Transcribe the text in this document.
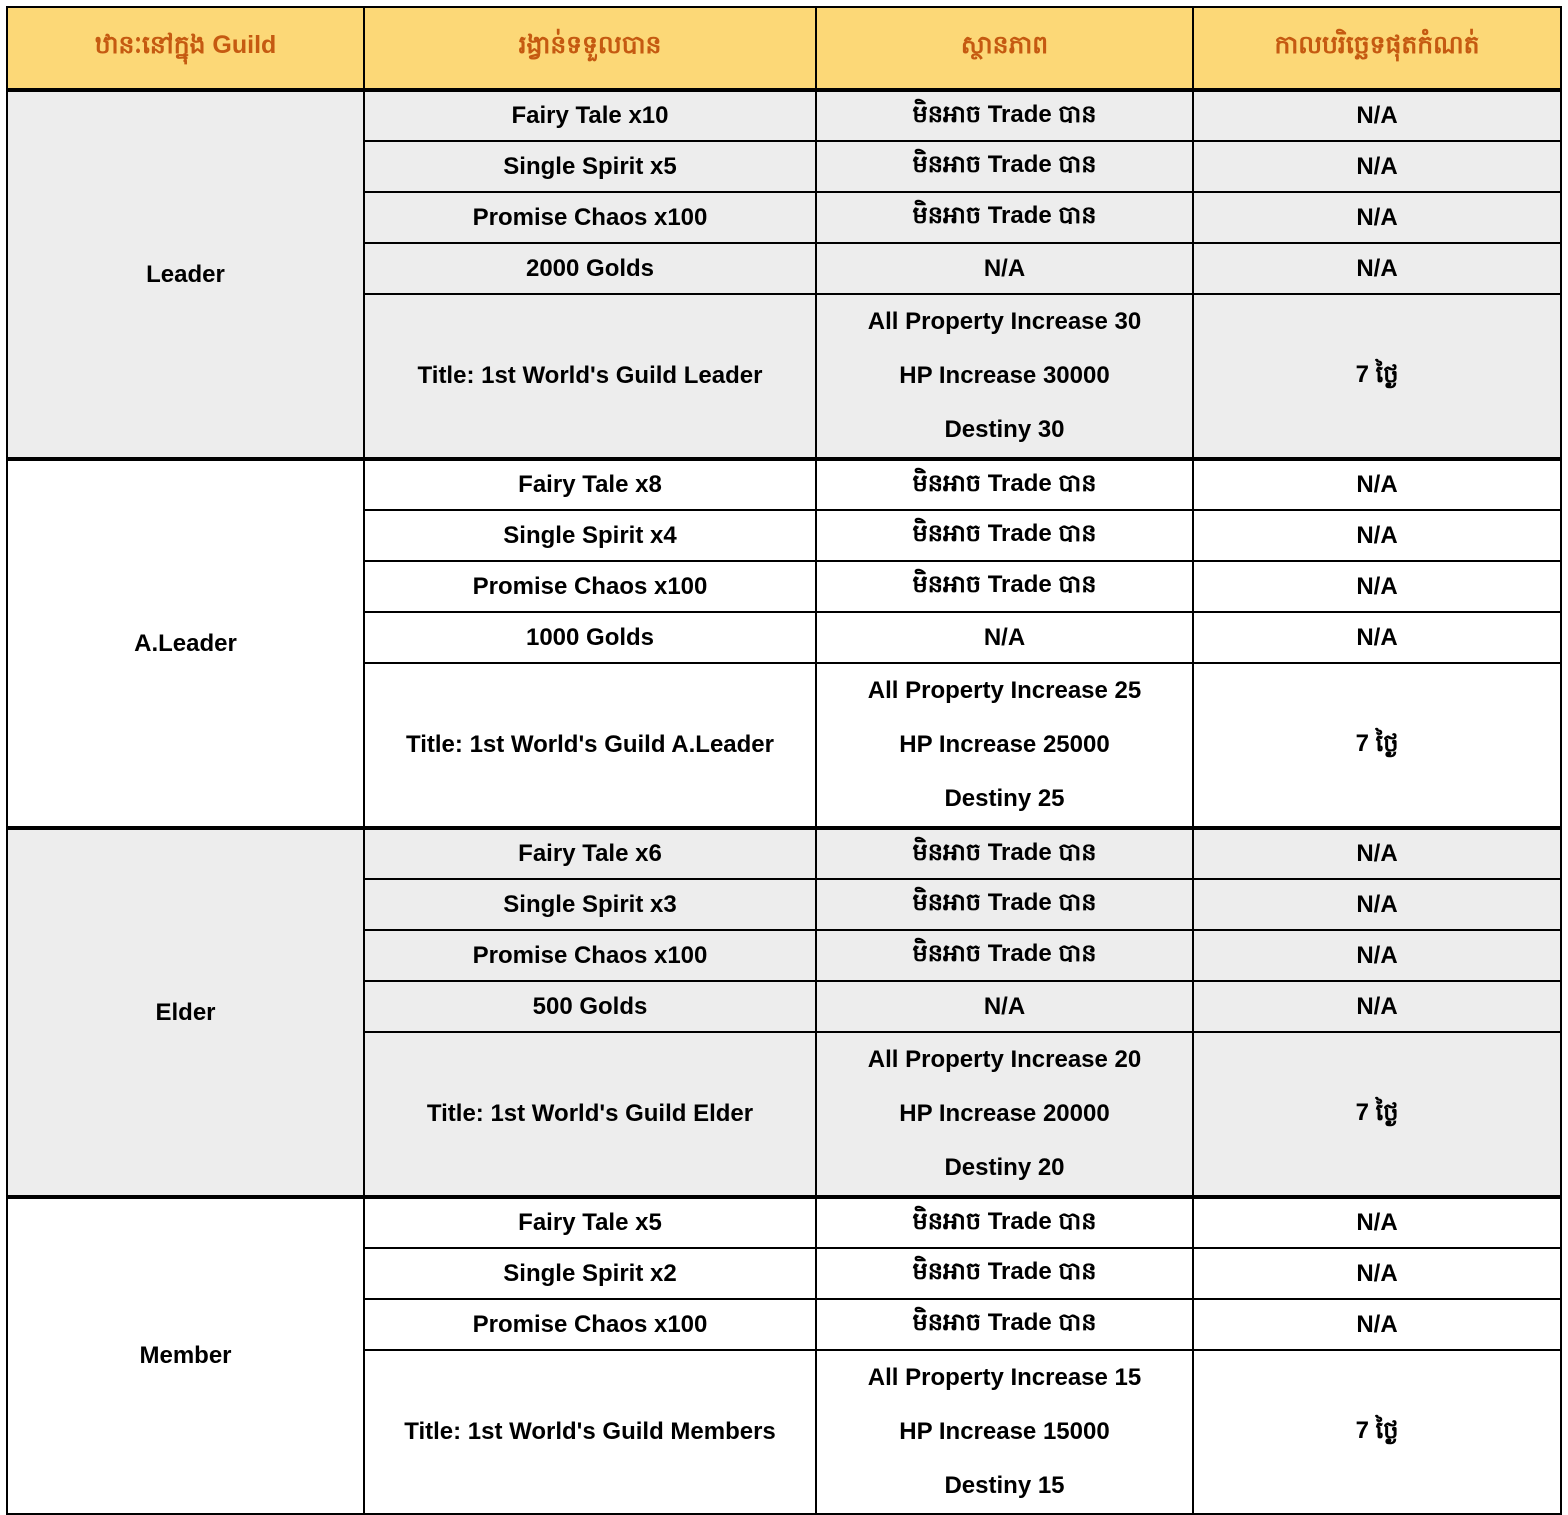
ឋានៈនៅក្នុង Guild	រង្វាន់ទទួលបាន	ស្ថានភាព	កាលបរិច្ឆេទផុតកំណត់
Leader	Fairy Tale x10	មិនអាច Trade បាន	N/A
	Single Spirit x5	មិនអាច Trade បាន	N/A
	Promise Chaos x100	មិនអាច Trade បាន	N/A
	2000 Golds	N/A	N/A
	Title: 1st World's Guild Leader	All Property Increase 30
HP Increase 30000
Destiny 30	7 ថ្ងៃ
A.Leader	Fairy Tale x8	មិនអាច Trade បាន	N/A
	Single Spirit x4	មិនអាច Trade បាន	N/A
	Promise Chaos x100	មិនអាច Trade បាន	N/A
	1000 Golds	N/A	N/A
	Title: 1st World's Guild A.Leader	All Property Increase 25
HP Increase 25000
Destiny 25	7 ថ្ងៃ
Elder	Fairy Tale x6	មិនអាច Trade បាន	N/A
	Single Spirit x3	មិនអាច Trade បាន	N/A
	Promise Chaos x100	មិនអាច Trade បាន	N/A
	500 Golds	N/A	N/A
	Title: 1st World's Guild Elder	All Property Increase 20
HP Increase 20000
Destiny 20	7 ថ្ងៃ
Member	Fairy Tale x5	មិនអាច Trade បាន	N/A
	Single Spirit x2	មិនអាច Trade បាន	N/A
	Promise Chaos x100	មិនអាច Trade បាន	N/A
	Title: 1st World's Guild Members	All Property Increase 15
HP Increase 15000
Destiny 15	7 ថ្ងៃ
